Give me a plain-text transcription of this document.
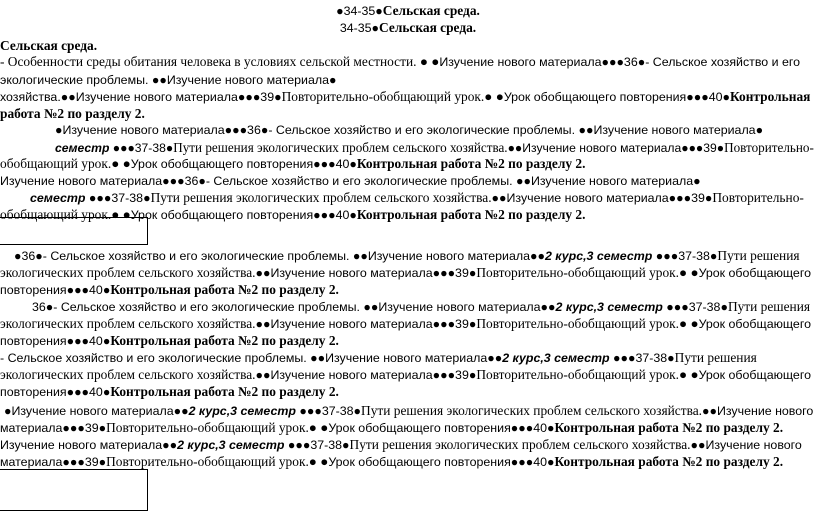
●34-35●Сельская среда.
34-35●Сельская среда.
Сельская среда.
- Особенности среды обитания человека в условиях сельской местности. ● ●Изучение нового материала●●●36●- Сельское хозяйство и его
экологические проблемы. ●●Изучение нового материала●
хозяйства.●●Изучение нового материала●●●39●Повторительно-обобщающий урок.● ●Урок обобщающего повторения●●●40●Контрольная
работа №2 по разделу 2.
●Изучение нового материала●●●36●- Сельское хозяйство и его экологические проблемы. ●●Изучение нового материала●
семестр ●●●37-38●Пути решения экологических проблем сельского хозяйства.●●Изучение нового материала●●●39●Повторительно-
обобщающий урок.● ●Урок обобщающего повторения●●●40●Контрольная работа №2 по разделу 2.
Изучение нового материала●●●36●- Сельское хозяйство и его экологические проблемы. ●●Изучение нового материала●
семестр ●●●37-38●Пути решения экологических проблем сельского хозяйства.●●Изучение нового материала●●●39●Повторительно-
обобщающий урок.● ●Урок обобщающего повторения●●●40●Контрольная работа №2 по разделу 2.
●36●- Сельское хозяйство и его экологические проблемы. ●●Изучение нового материала●●2 курс,3 семестр ●●●37-38●Пути решения
экологических проблем сельского хозяйства.●●Изучение нового материала●●●39●Повторительно-обобщающий урок.● ●Урок обобщающего
повторения●●●40●Контрольная работа №2 по разделу 2.
36●- Сельское хозяйство и его экологические проблемы. ●●Изучение нового материала●●2 курс,3 семестр ●●●37-38●Пути решения
экологических проблем сельского хозяйства.●●Изучение нового материала●●●39●Повторительно-обобщающий урок.● ●Урок обобщающего
повторения●●●40●Контрольная работа №2 по разделу 2.
- Сельское хозяйство и его экологические проблемы. ●●Изучение нового материала●●2 курс,3 семестр ●●●37-38●Пути решения
экологических проблем сельского хозяйства.●●Изучение нового материала●●●39●Повторительно-обобщающий урок.● ●Урок обобщающего
повторения●●●40●Контрольная работа №2 по разделу 2.
●Изучение нового материала●●2 курс,3 семестр ●●●37-38●Пути решения экологических проблем сельского хозяйства.●●Изучение нового
материала●●●39●Повторительно-обобщающий урок.● ●Урок обобщающего повторения●●●40●Контрольная работа №2 по разделу 2.
Изучение нового материала●●2 курс,3 семестр ●●●37-38●Пути решения экологических проблем сельского хозяйства.●●Изучение нового
материала●●●39●Повторительно-обобщающий урок.● ●Урок обобщающего повторения●●●40●Контрольная работа №2 по разделу 2.
